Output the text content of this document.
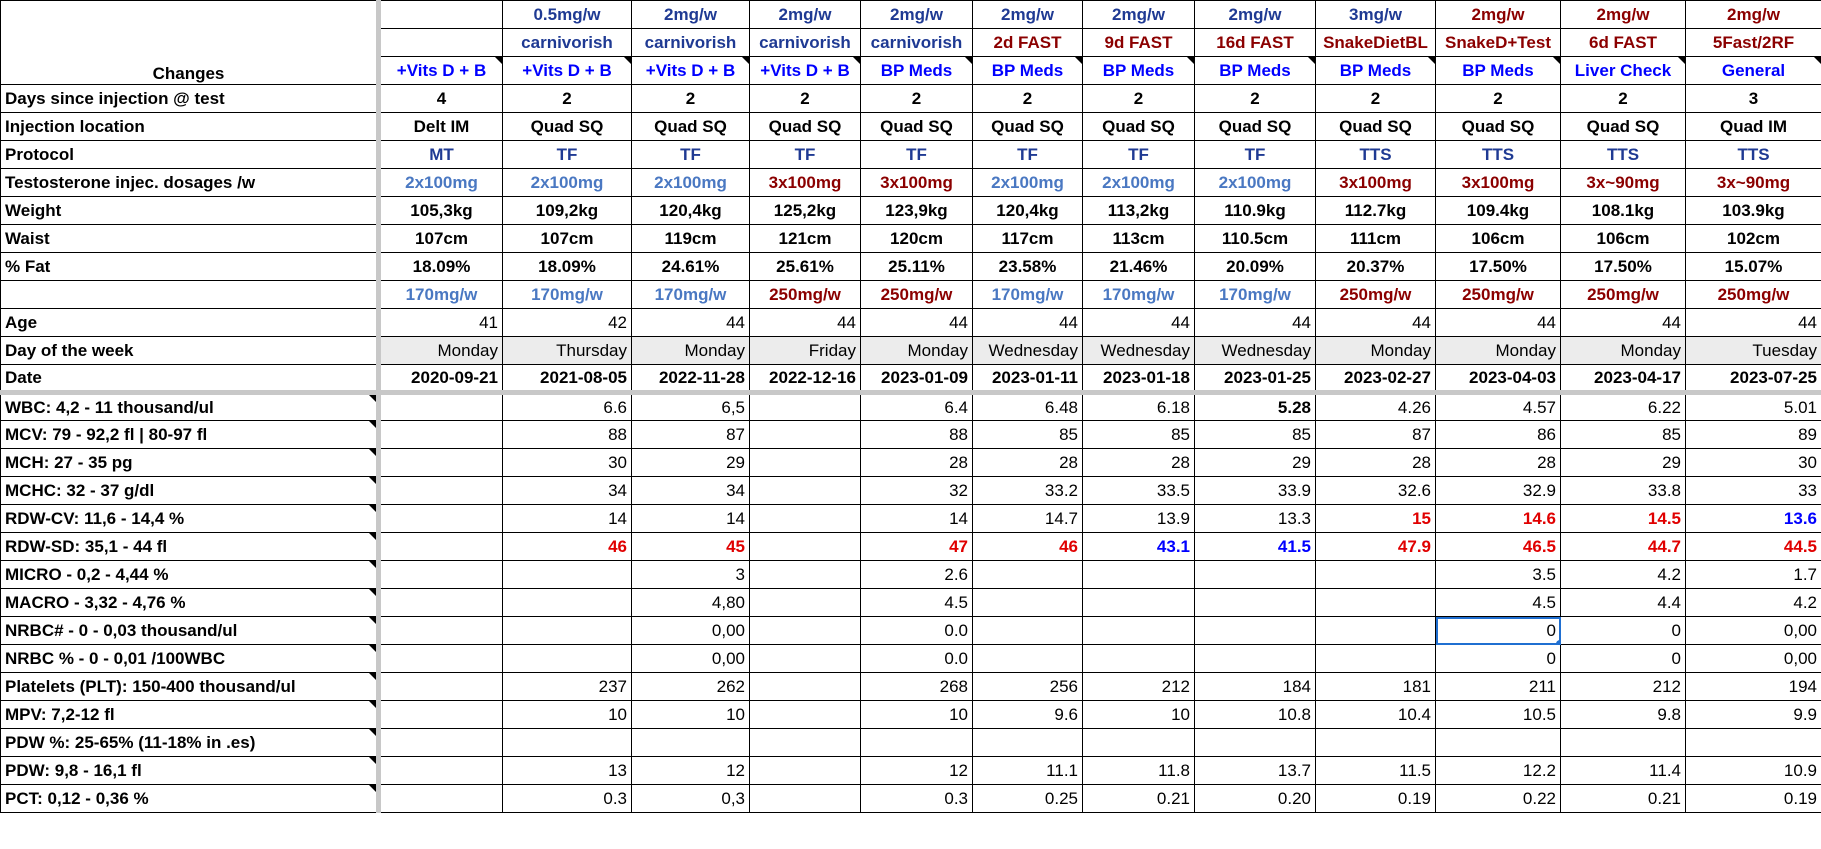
Changes		0.5mg/w	2mg/w	2mg/w	2mg/w	2mg/w	2mg/w	2mg/w	3mg/w	2mg/w	2mg/w	2mg/w
		carnivorish	carnivorish	carnivorish	carnivorish	2d FAST	9d FAST	16d FAST	SnakeDietBL	SnakeD+Test	6d FAST	5Fast/2RF
	+Vits D + B	+Vits D + B	+Vits D + B	+Vits D + B	BP Meds	BP Meds	BP Meds	BP Meds	BP Meds	BP Meds	Liver Check	General
Days since injection @ test	4	2	2	2	2	2	2	2	2	2	2	3
Injection location	Delt IM	Quad SQ	Quad SQ	Quad SQ	Quad SQ	Quad SQ	Quad SQ	Quad SQ	Quad SQ	Quad SQ	Quad SQ	Quad IM
Protocol	MT	TF	TF	TF	TF	TF	TF	TF	TTS	TTS	TTS	TTS
Testosterone injec. dosages /w	2x100mg	2x100mg	2x100mg	3x100mg	3x100mg	2x100mg	2x100mg	2x100mg	3x100mg	3x100mg	3x~90mg	3x~90mg
Weight	105,3kg	109,2kg	120,4kg	125,2kg	123,9kg	120,4kg	113,2kg	110.9kg	112.7kg	109.4kg	108.1kg	103.9kg
Waist	107cm	107cm	119cm	121cm	120cm	117cm	113cm	110.5cm	111cm	106cm	106cm	102cm
% Fat	18.09%	18.09%	24.61%	25.61%	25.11%	23.58%	21.46%	20.09%	20.37%	17.50%	17.50%	15.07%
	170mg/w	170mg/w	170mg/w	250mg/w	250mg/w	170mg/w	170mg/w	170mg/w	250mg/w	250mg/w	250mg/w	250mg/w
Age	41	42	44	44	44	44	44	44	44	44	44	44
Day of the week	Monday	Thursday	Monday	Friday	Monday	Wednesday	Wednesday	Wednesday	Monday	Monday	Monday	Tuesday
Date	2020-09-21	2021-08-05	2022-11-28	2022-12-16	2023-01-09	2023-01-11	2023-01-18	2023-01-25	2023-02-27	2023-04-03	2023-04-17	2023-07-25
WBC: 4,2 - 11 thousand/ul		6.6	6,5		6.4	6.48	6.18	5.28	4.26	4.57	6.22	5.01
MCV: 79 - 92,2 fl | 80-97 fl		88	87		88	85	85	85	87	86	85	89
MCH: 27 - 35 pg		30	29		28	28	28	29	28	28	29	30
MCHC: 32 - 37 g/dl		34	34		32	33.2	33.5	33.9	32.6	32.9	33.8	33
RDW-CV: 11,6 - 14,4 %		14	14		14	14.7	13.9	13.3	15	14.6	14.5	13.6
RDW-SD: 35,1 - 44 fl		46	45		47	46	43.1	41.5	47.9	46.5	44.7	44.5
MICRO - 0,2 - 4,44 %			3		2.6					3.5	4.2	1.7
MACRO - 3,32 - 4,76 %			4,80		4.5					4.5	4.4	4.2
NRBC# - 0 - 0,03 thousand/ul			0,00		0.0					0	0	0,00
NRBC % - 0 - 0,01 /100WBC			0,00		0.0					0	0	0,00
Platelets (PLT): 150-400 thousand/ul		237	262		268	256	212	184	181	211	212	194
MPV: 7,2-12 fl		10	10		10	9.6	10	10.8	10.4	10.5	9.8	9.9
PDW %: 25-65% (11-18% in .es)												
PDW: 9,8 - 16,1 fl		13	12		12	11.1	11.8	13.7	11.5	12.2	11.4	10.9
PCT: 0,12 - 0,36 %		0.3	0,3		0.3	0.25	0.21	0.20	0.19	0.22	0.21	0.19
